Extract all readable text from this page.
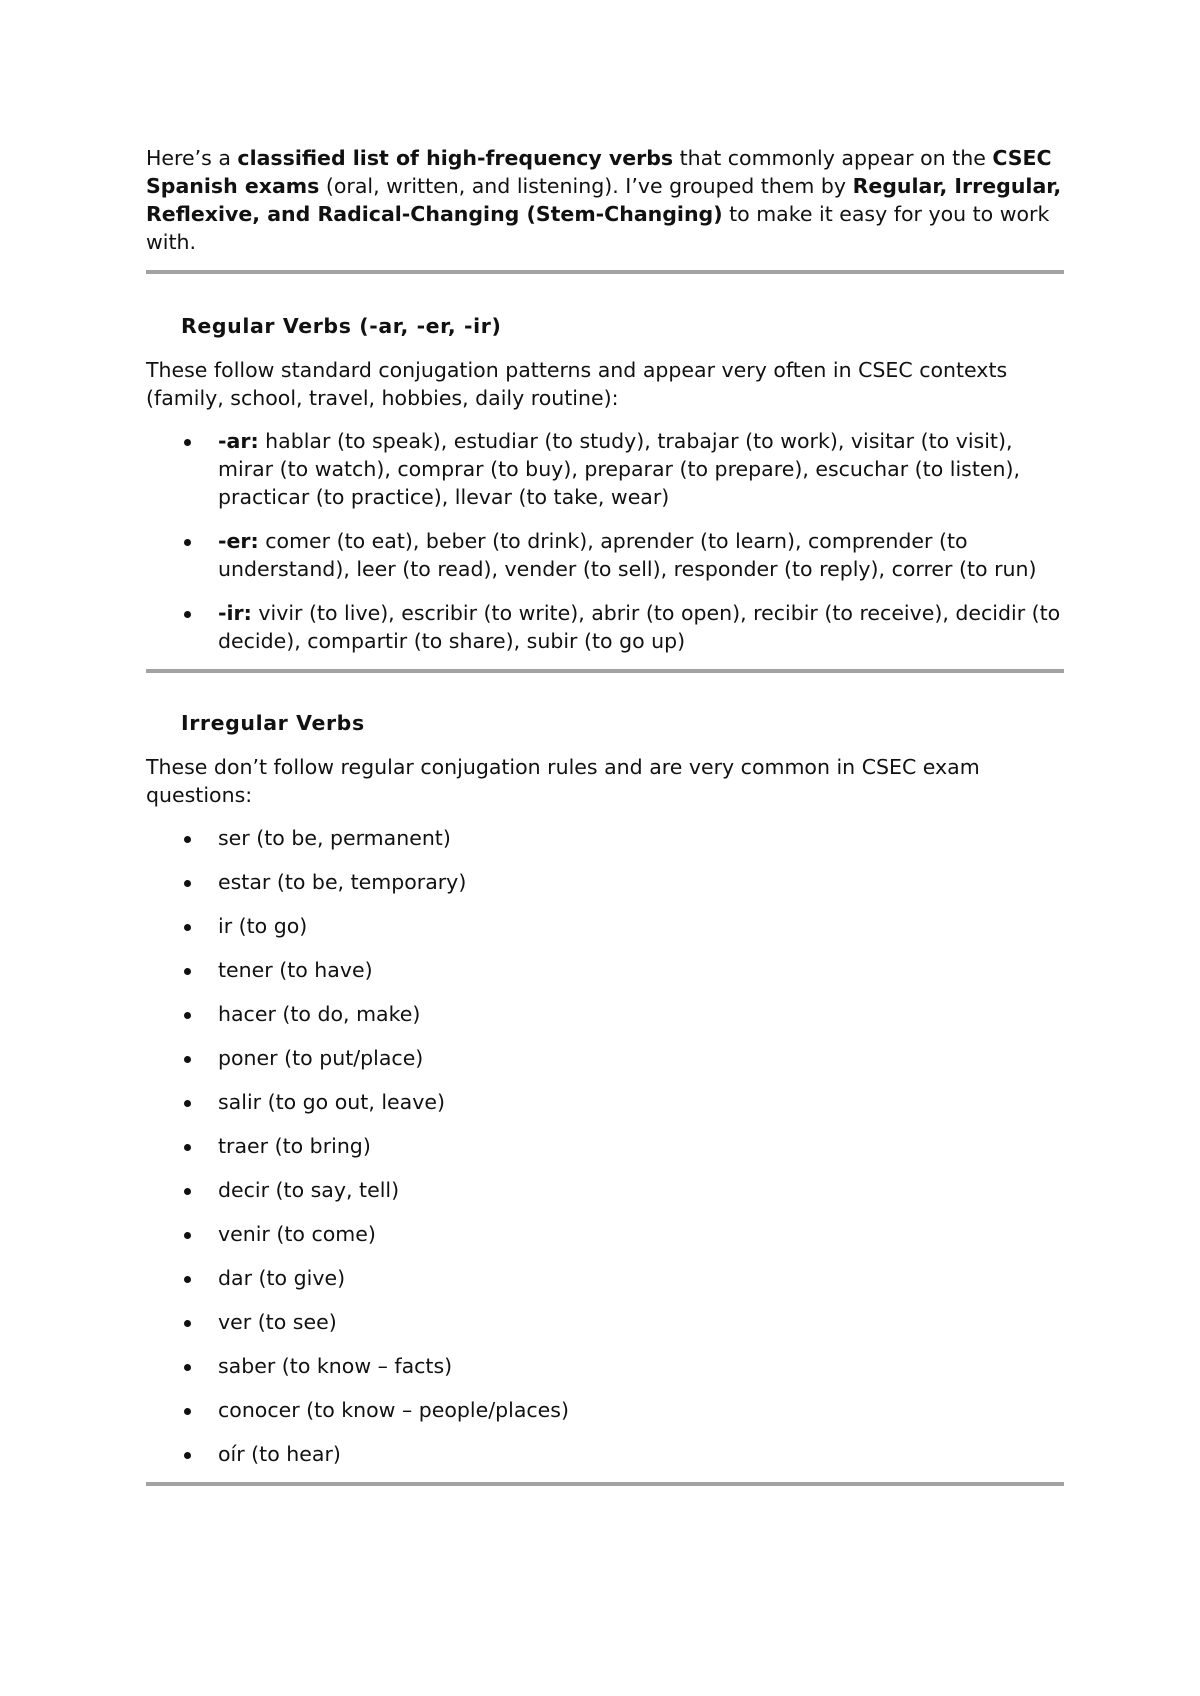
Here’s a classified list of high-frequency verbs that commonly appear on the CSEC Spanish exams (oral, written, and listening). I’ve grouped them by Regular, Irregular, Reflexive, and Radical-Changing (Stem-Changing) to make it easy for you to work with.

Regular Verbs (-ar, -er, -ir)

These follow standard conjugation patterns and appear very often in CSEC contexts (family, school, travel, hobbies, daily routine):

-ar: hablar (to speak), estudiar (to study), trabajar (to work), visitar (to visit), mirar (to watch), comprar (to buy), preparar (to prepare), escuchar (to listen), practicar (to practice), llevar (to take, wear)
-er: comer (to eat), beber (to drink), aprender (to learn), comprender (to understand), leer (to read), vender (to sell), responder (to reply), correr (to run)
-ir: vivir (to live), escribir (to write), abrir (to open), recibir (to receive), decidir (to decide), compartir (to share), subir (to go up)
Irregular Verbs

These don’t follow regular conjugation rules and are very common in CSEC exam questions:

ser (to be, permanent)
estar (to be, temporary)
ir (to go)
tener (to have)
hacer (to do, make)
poner (to put/place)
salir (to go out, leave)
traer (to bring)
decir (to say, tell)
venir (to come)
dar (to give)
ver (to see)
saber (to know – facts)
conocer (to know – people/places)
oír (to hear)
